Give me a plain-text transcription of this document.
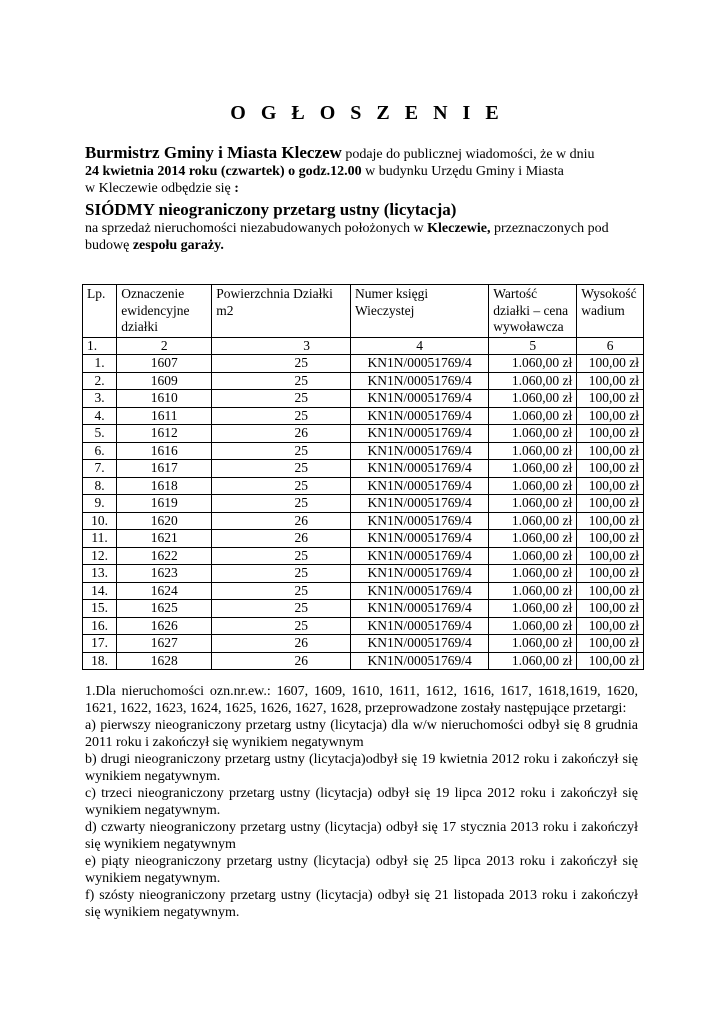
O G Ł O S Z E N I E
Burmistrz Gminy i Miasta Kleczew podaje do publicznej wiadomości, że w dniu
24 kwietnia 2014 roku (czwartek) o godz.12.00 w budynku Urzędu Gminy i Miasta
w Kleczewie odbędzie się :
SIÓDMY nieograniczony przetarg ustny (licytacja)
na sprzedaż nieruchomości niezabudowanych położonych w Kleczewie, przeznaczonych pod budowę zespołu garaży.
Lp.	Oznaczenie ewidencyjne działki	Powierzchnia Działki m2	Numer księgi Wieczystej	Wartość działki – cena wywoławcza	Wysokość wadium
1.	2	3	4	5	6
1.	1607	25	KN1N/00051769/4	1.060,00 zł	100,00 zł
2.	1609	25	KN1N/00051769/4	1.060,00 zł	100,00 zł
3.	1610	25	KN1N/00051769/4	1.060,00 zł	100,00 zł
4.	1611	25	KN1N/00051769/4	1.060,00 zł	100,00 zł
5.	1612	26	KN1N/00051769/4	1.060,00 zł	100,00 zł
6.	1616	25	KN1N/00051769/4	1.060,00 zł	100,00 zł
7.	1617	25	KN1N/00051769/4	1.060,00 zł	100,00 zł
8.	1618	25	KN1N/00051769/4	1.060,00 zł	100,00 zł
9.	1619	25	KN1N/00051769/4	1.060,00 zł	100,00 zł
10.	1620	26	KN1N/00051769/4	1.060,00 zł	100,00 zł
11.	1621	26	KN1N/00051769/4	1.060,00 zł	100,00 zł
12.	1622	25	KN1N/00051769/4	1.060,00 zł	100,00 zł
13.	1623	25	KN1N/00051769/4	1.060,00 zł	100,00 zł
14.	1624	25	KN1N/00051769/4	1.060,00 zł	100,00 zł
15.	1625	25	KN1N/00051769/4	1.060,00 zł	100,00 zł
16.	1626	25	KN1N/00051769/4	1.060,00 zł	100,00 zł
17.	1627	26	KN1N/00051769/4	1.060,00 zł	100,00 zł
18.	1628	26	KN1N/00051769/4	1.060,00 zł	100,00 zł

1.Dla nieruchomości ozn.nr.ew.: 1607, 1609, 1610, 1611, 1612, 1616, 1617, 1618,1619, 1620, 1621, 1622, 1623, 1624, 1625, 1626, 1627, 1628, przeprowadzone zostały następujące przetargi:

a) pierwszy nieograniczony przetarg ustny (licytacja) dla w/w nieruchomości odbył się 8 grudnia 2011 roku i zakończył się wynikiem negatywnym

b) drugi nieograniczony przetarg ustny (licytacja)odbył się 19 kwietnia 2012 roku i zakończył się wynikiem negatywnym.

c) trzeci nieograniczony przetarg ustny (licytacja) odbył się 19 lipca 2012 roku i zakończył się wynikiem negatywnym.

d) czwarty nieograniczony przetarg ustny (licytacja) odbył się 17 stycznia 2013 roku i zakończył się wynikiem negatywnym

e) piąty nieograniczony przetarg ustny (licytacja) odbył się 25 lipca 2013 roku i zakończył się wynikiem negatywnym.

f) szósty nieograniczony przetarg ustny (licytacja) odbył się 21 listopada 2013 roku i zakończył się wynikiem negatywnym.
